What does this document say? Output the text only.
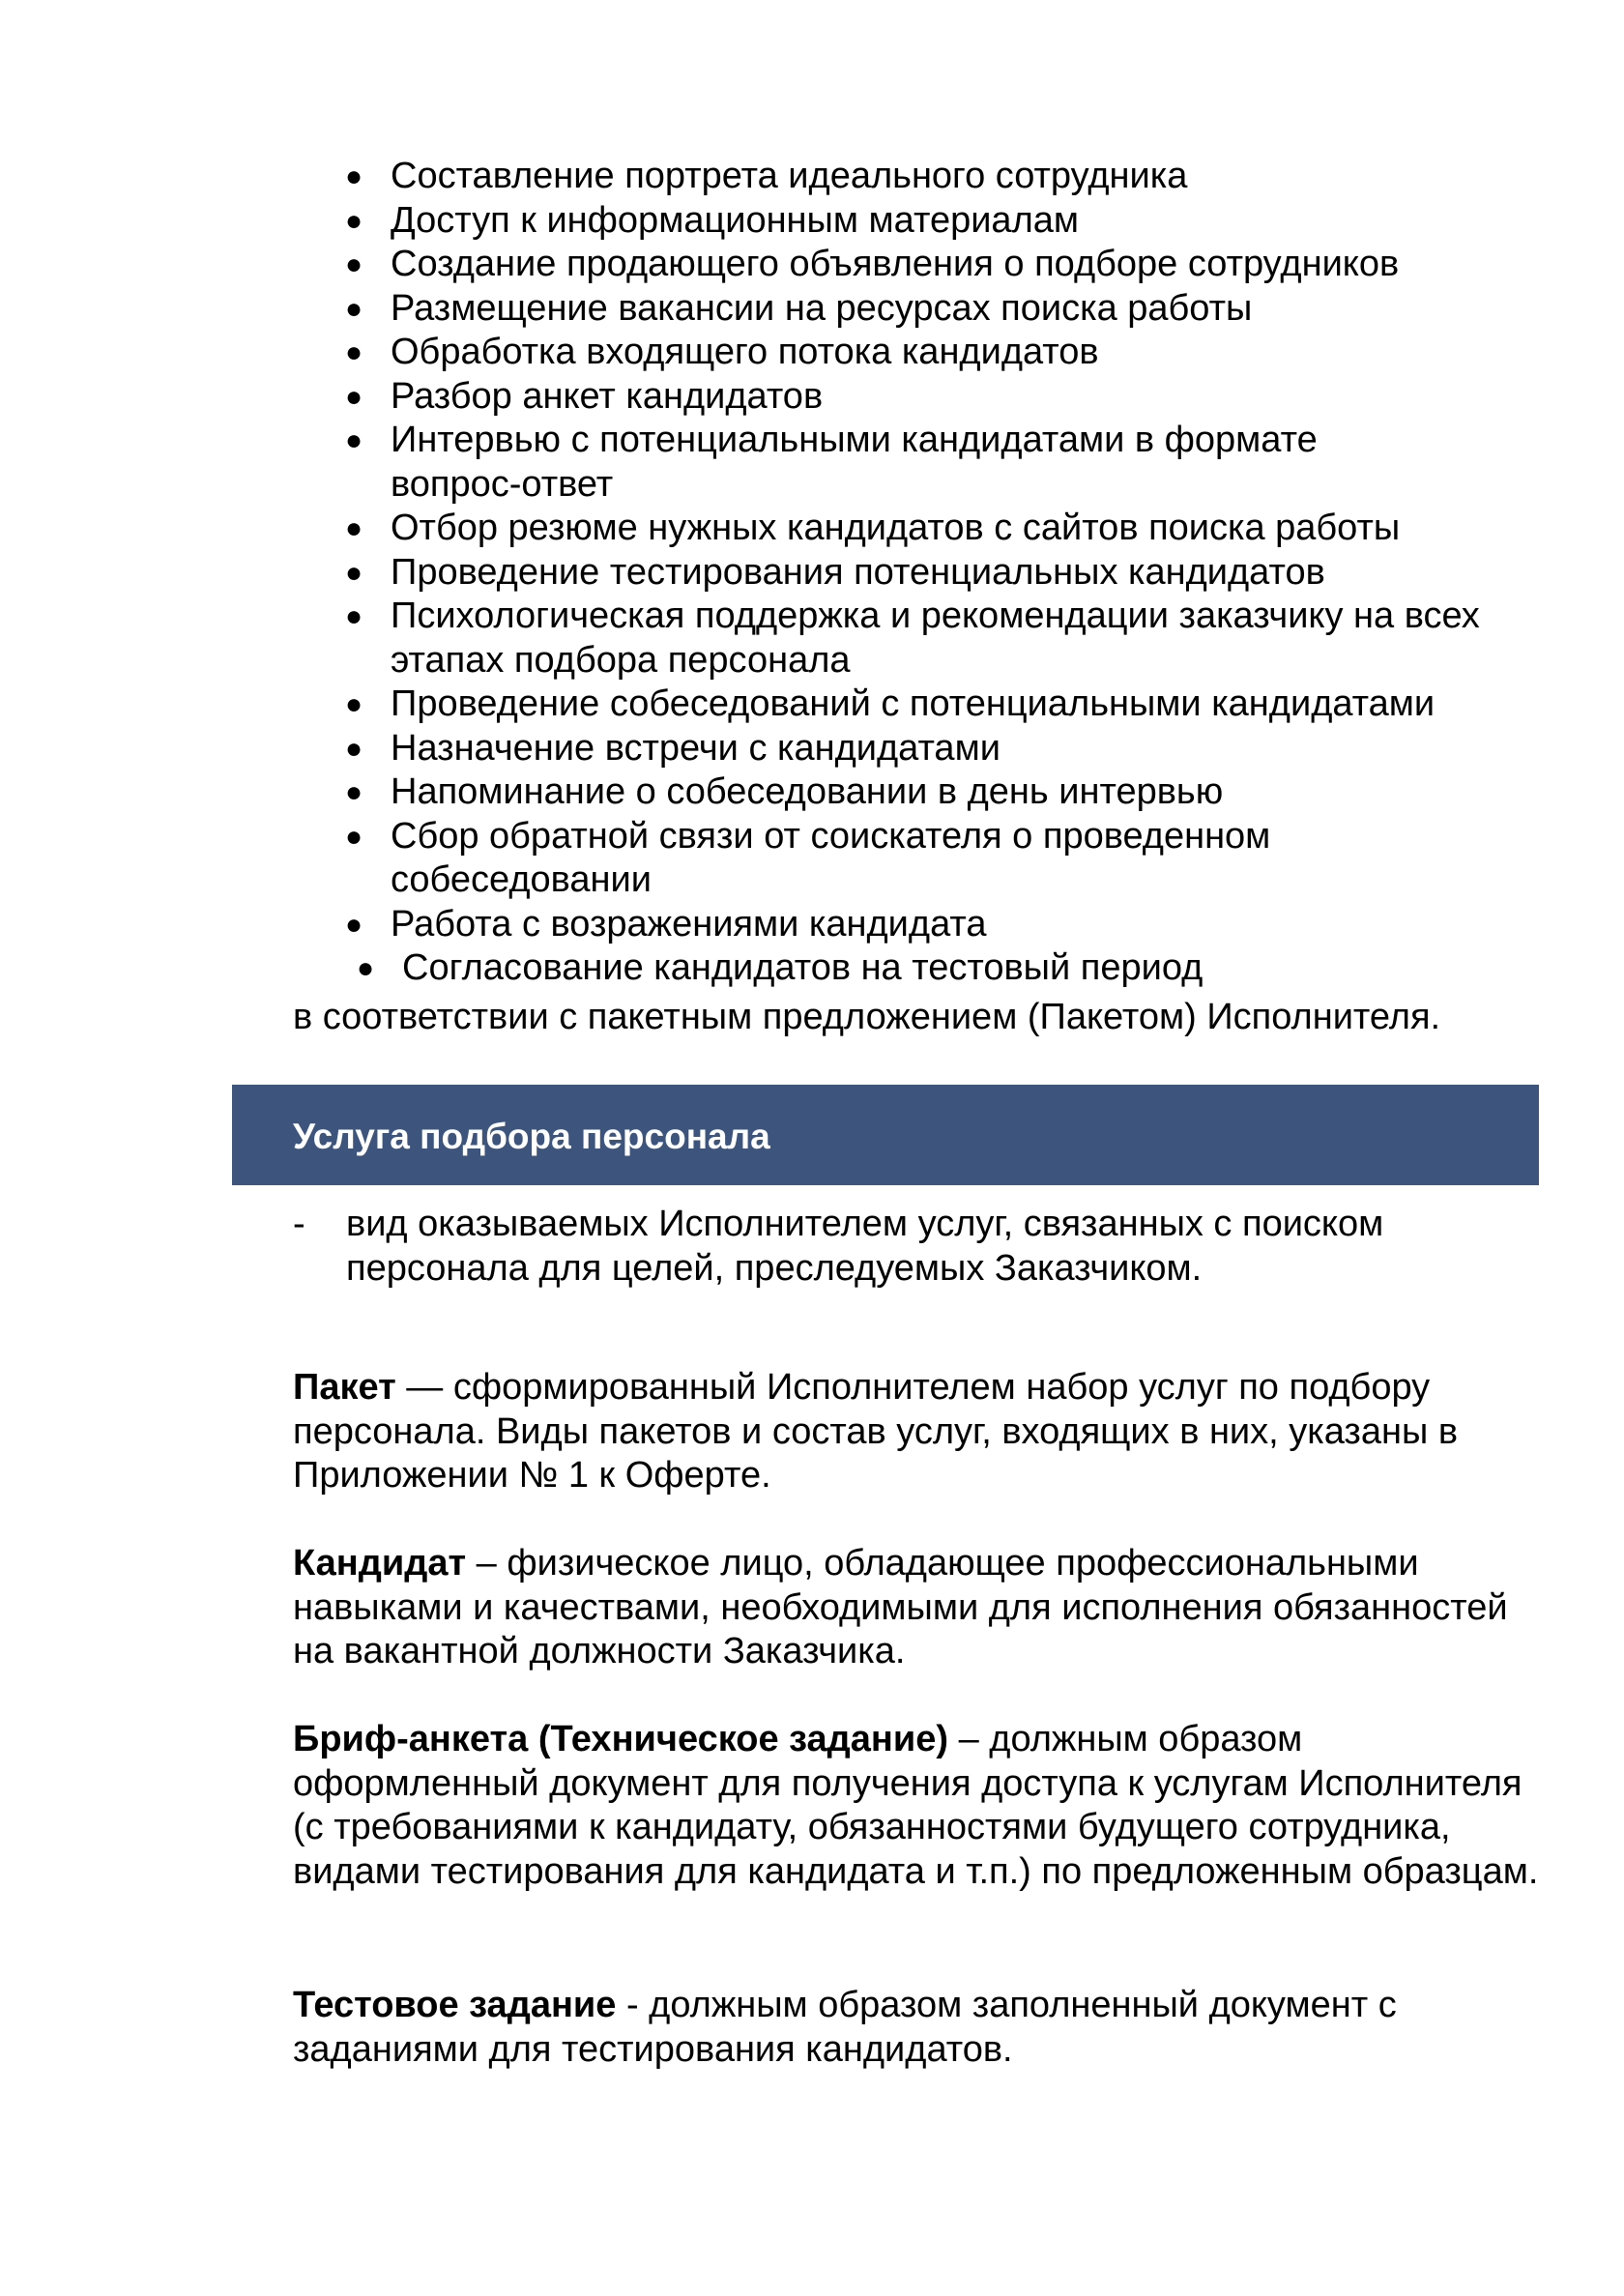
● Составление портрета идеального сотрудника
● Доступ к информационным материалам
● Создание продающего объявления о подборе сотрудников
● Размещение вакансии на ресурсах поиска работы
● Обработка входящего потока кандидатов
● Разбор анкет кандидатов
● Интервью с потенциальными кандидатами в формате вопрос-ответ
● Отбор резюме нужных кандидатов с сайтов поиска работы
● Проведение тестирования потенциальных кандидатов
● Психологическая поддержка и рекомендации заказчику на всех этапах подбора персонала
● Проведение собеседований с потенциальными кандидатами
● Назначение встречи с кандидатами
● Напоминание о собеседовании в день интервью
● Сбор обратной связи от соискателя о проведенном собеседовании
● Работа с возражениями кандидата
● Согласование кандидатов на тестовый период
в соответствии с пакетным предложением (Пакетом) Исполнителя.
Услуга подбора персонала
- вид оказываемых Исполнителем услуг, связанных с поиском персонала для целей, преследуемых Заказчиком.

Пакет — сформированный Исполнителем набор услуг по подбору персонала. Виды пакетов и состав услуг, входящих в них, указаны в Приложении № 1 к Оферте.

Кандидат – физическое лицо, обладающее профессиональными навыками и качествами, необходимыми для исполнения обязанностей на вакантной должности Заказчика.

Бриф-анкета (Техническое задание) – должным образом оформленный документ для получения доступа к услугам Исполнителя (с требованиями к кандидату, обязанностями будущего сотрудника, видами тестирования для кандидата и т.п.) по предложенным образцам.

Тестовое задание - должным образом заполненный документ с заданиями для тестирования кандидатов.
